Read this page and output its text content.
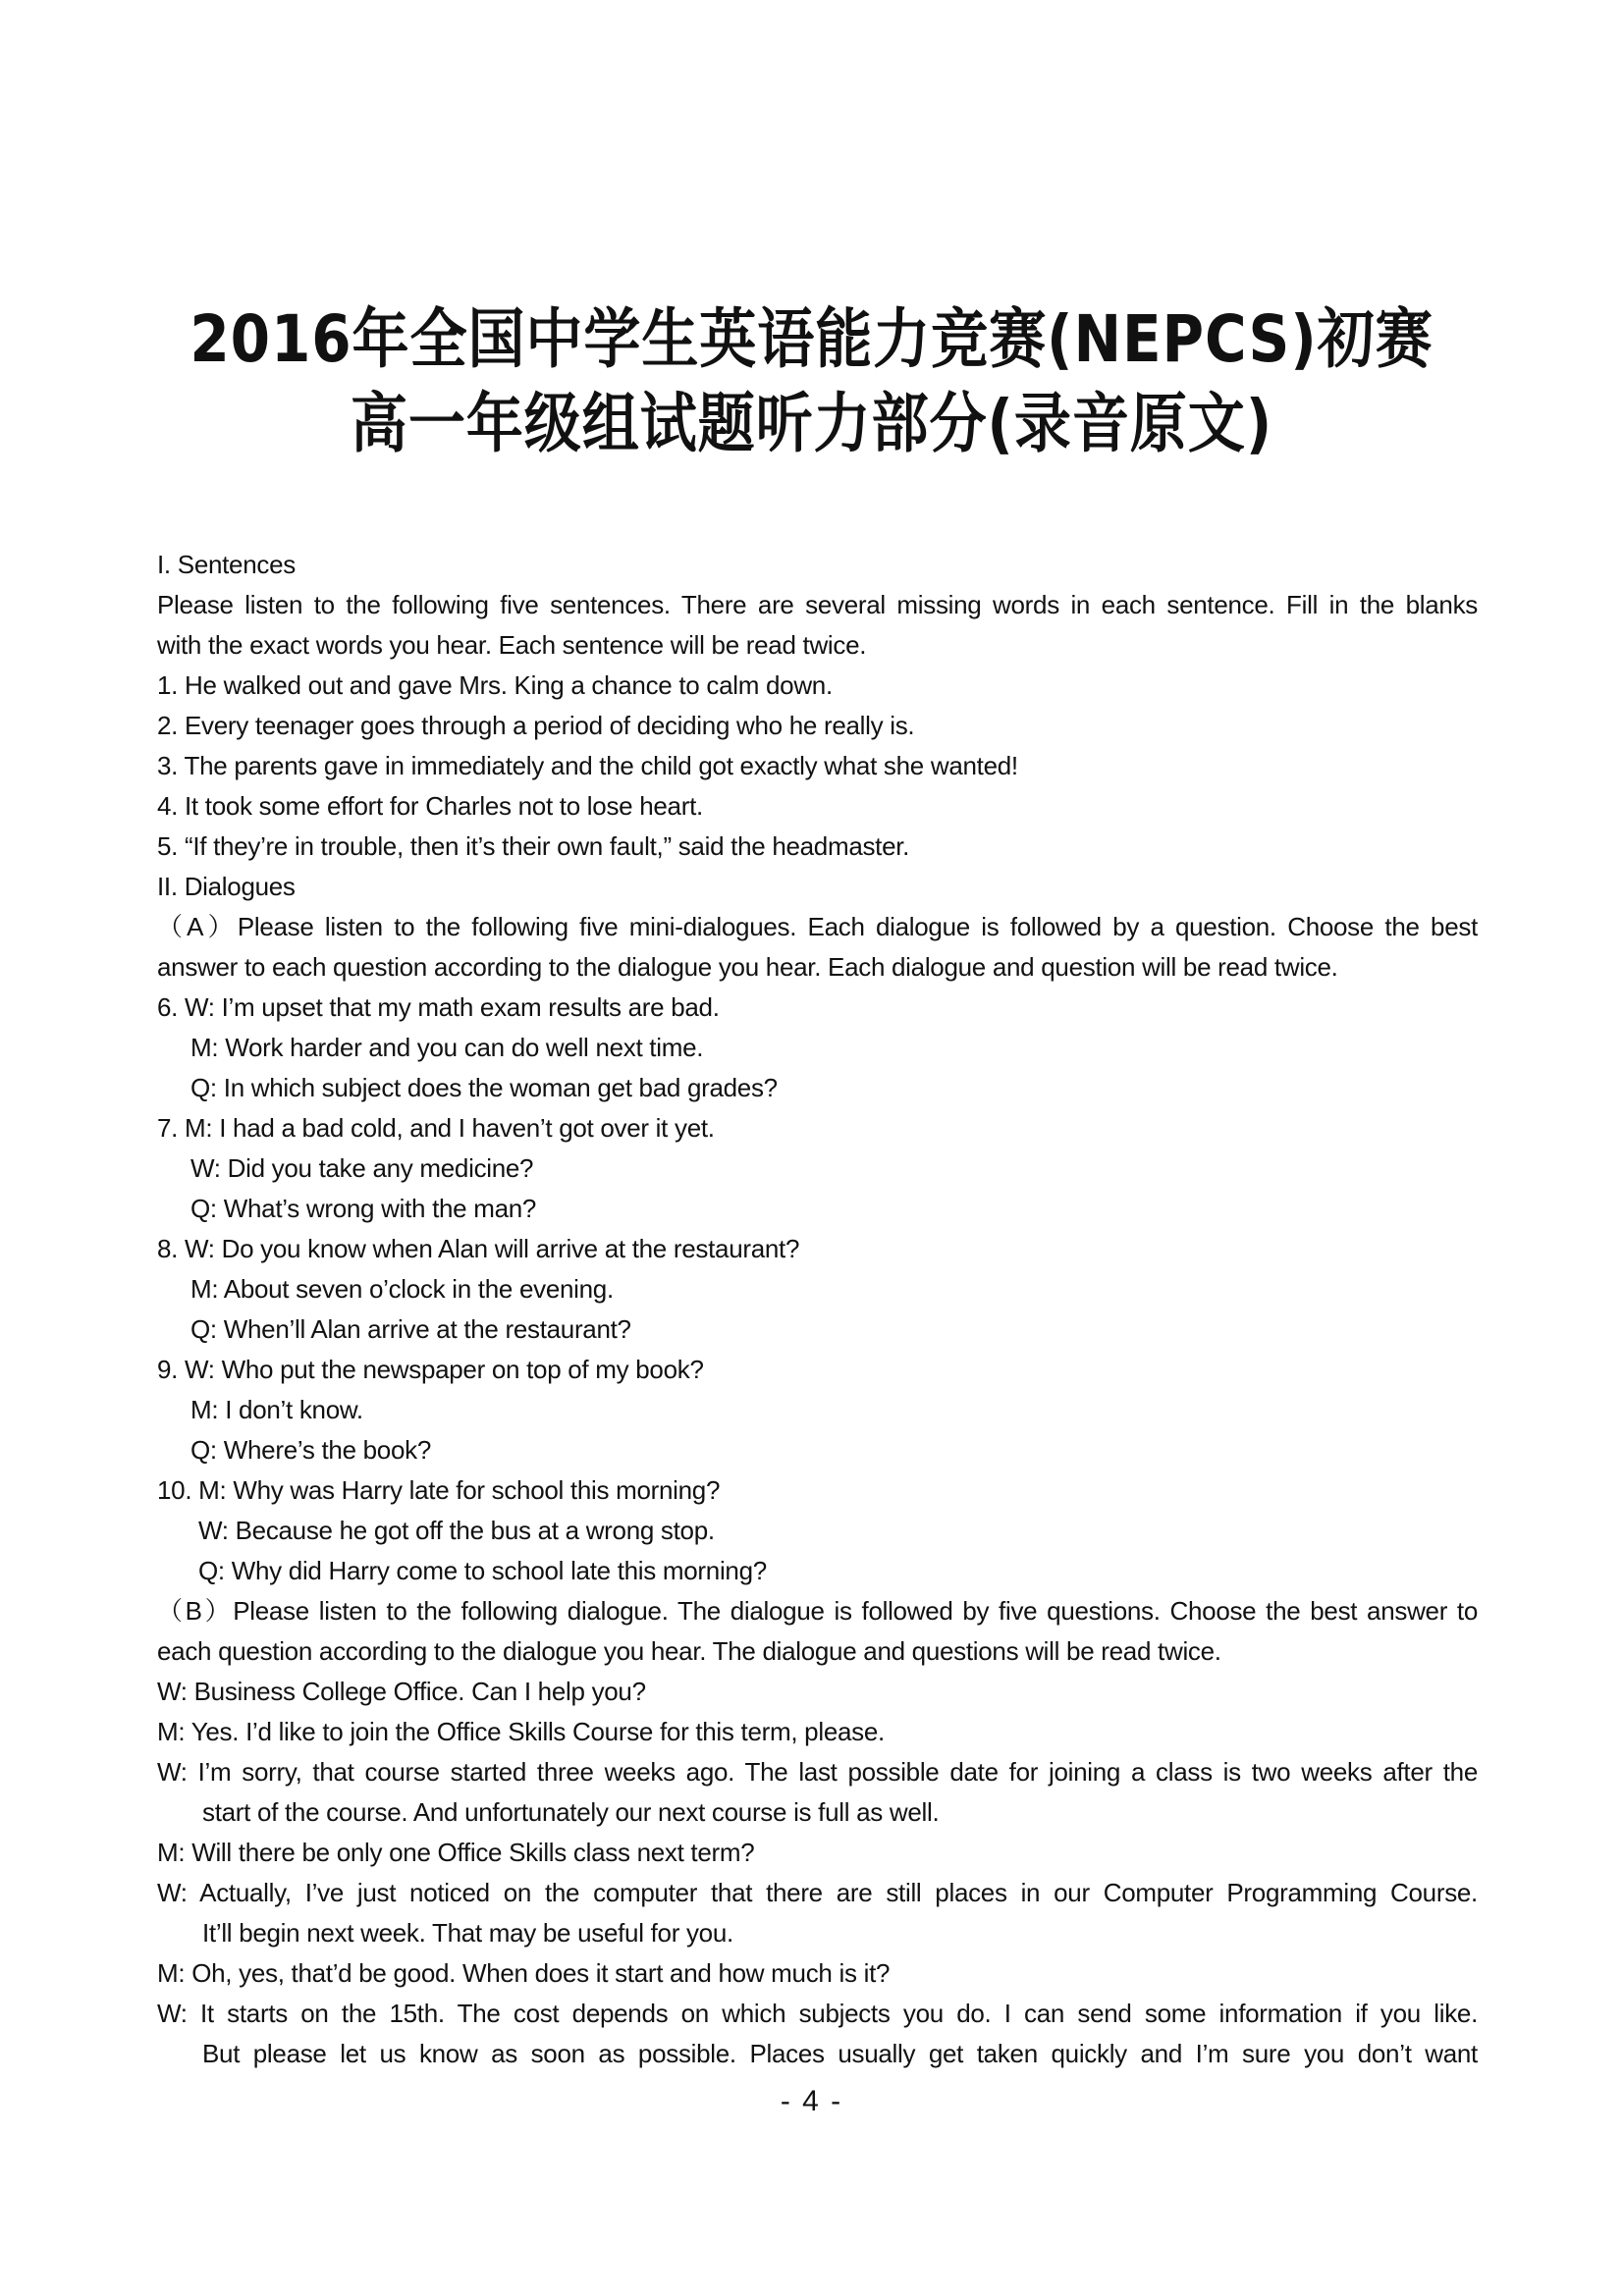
2016年全国中学生英语能力竞赛(NEPCS)初赛
高一年级组试题听力部分(录音原文)
I. Sentences
Please listen to the following five sentences. There are several missing words in each sentence. Fill in the blanks
with the exact words you hear. Each sentence will be read twice.
1. He walked out and gave Mrs. King a chance to calm down.
2. Every teenager goes through a period of deciding who he really is.
3. The parents gave in immediately and the child got exactly what she wanted!
4. It took some effort for Charles not to lose heart.
5. “If they’re in trouble, then it’s their own fault,” said the headmaster.
II. Dialogues
（A）Please listen to the following five mini-dialogues. Each dialogue is followed by a question. Choose the best
answer to each question according to the dialogue you hear. Each dialogue and question will be read twice.
6. W: I’m upset that my math exam results are bad.
M: Work harder and you can do well next time.
Q: In which subject does the woman get bad grades?
7. M: I had a bad cold, and I haven’t got over it yet.
W: Did you take any medicine?
Q: What’s wrong with the man?
8. W: Do you know when Alan will arrive at the restaurant?
M: About seven o’clock in the evening.
Q: When’ll Alan arrive at the restaurant?
9. W: Who put the newspaper on top of my book?
M: I don’t know.
Q: Where’s the book?
10. M: Why was Harry late for school this morning?
W: Because he got off the bus at a wrong stop.
Q: Why did Harry come to school late this morning?
（B）Please listen to the following dialogue. The dialogue is followed by five questions. Choose the best answer to
each question according to the dialogue you hear. The dialogue and questions will be read twice.
W: Business College Office. Can I help you?
M: Yes. I’d like to join the Office Skills Course for this term, please.
W: I’m sorry, that course started three weeks ago. The last possible date for joining a class is two weeks after the
start of the course. And unfortunately our next course is full as well.
M: Will there be only one Office Skills class next term?
W: Actually, I’ve just noticed on the computer that there are still places in our Computer Programming Course.
It’ll begin next week. That may be useful for you.
M: Oh, yes, that’d be good. When does it start and how much is it?
W: It starts on the 15th. The cost depends on which subjects you do. I can send some information if you like.
But please let us know as soon as possible. Places usually get taken quickly and I’m sure you don’t want
- 4 -
